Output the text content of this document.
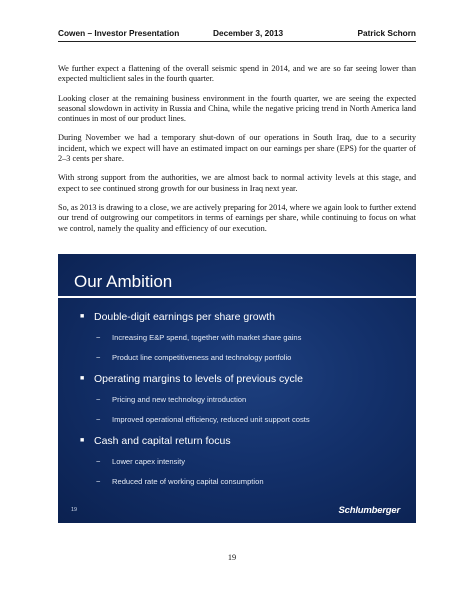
Cowen – Investor Presentation	December 3, 2013	Patrick Schorn

We further expect a flattening of the overall seismic spend in 2014, and we are so far seeing lower than expected multiclient sales in the fourth quarter.

Looking closer at the remaining business environment in the fourth quarter, we are seeing the expected seasonal slowdown in activity in Russia and China, while the negative pricing trend in North America land continues in most of our product lines.

During November we had a temporary shut-down of our operations in South Iraq, due to a security incident, which we expect will have an estimated impact on our earnings per share (EPS) for the quarter of 2–3 cents per share.

With strong support from the authorities, we are almost back to normal activity levels at this stage, and expect to see continued strong growth for our business in Iraq next year.

So, as 2013 is drawing to a close, we are actively preparing for 2014, where we again look to further extend our trend of outgrowing our competitors in terms of earnings per share, while continuing to focus on what we control, namely the quality and efficiency of our execution.

Our Ambition
■ Double-digit earnings per share growth
− Increasing E&P spend, together with market share gains
− Product line competitiveness and technology portfolio
■ Operating margins to levels of previous cycle
− Pricing and new technology introduction
− Improved operational efficiency, reduced unit support costs
■ Cash and capital return focus
− Lower capex intensity
− Reduced rate of working capital consumption
19	Schlumberger
19
